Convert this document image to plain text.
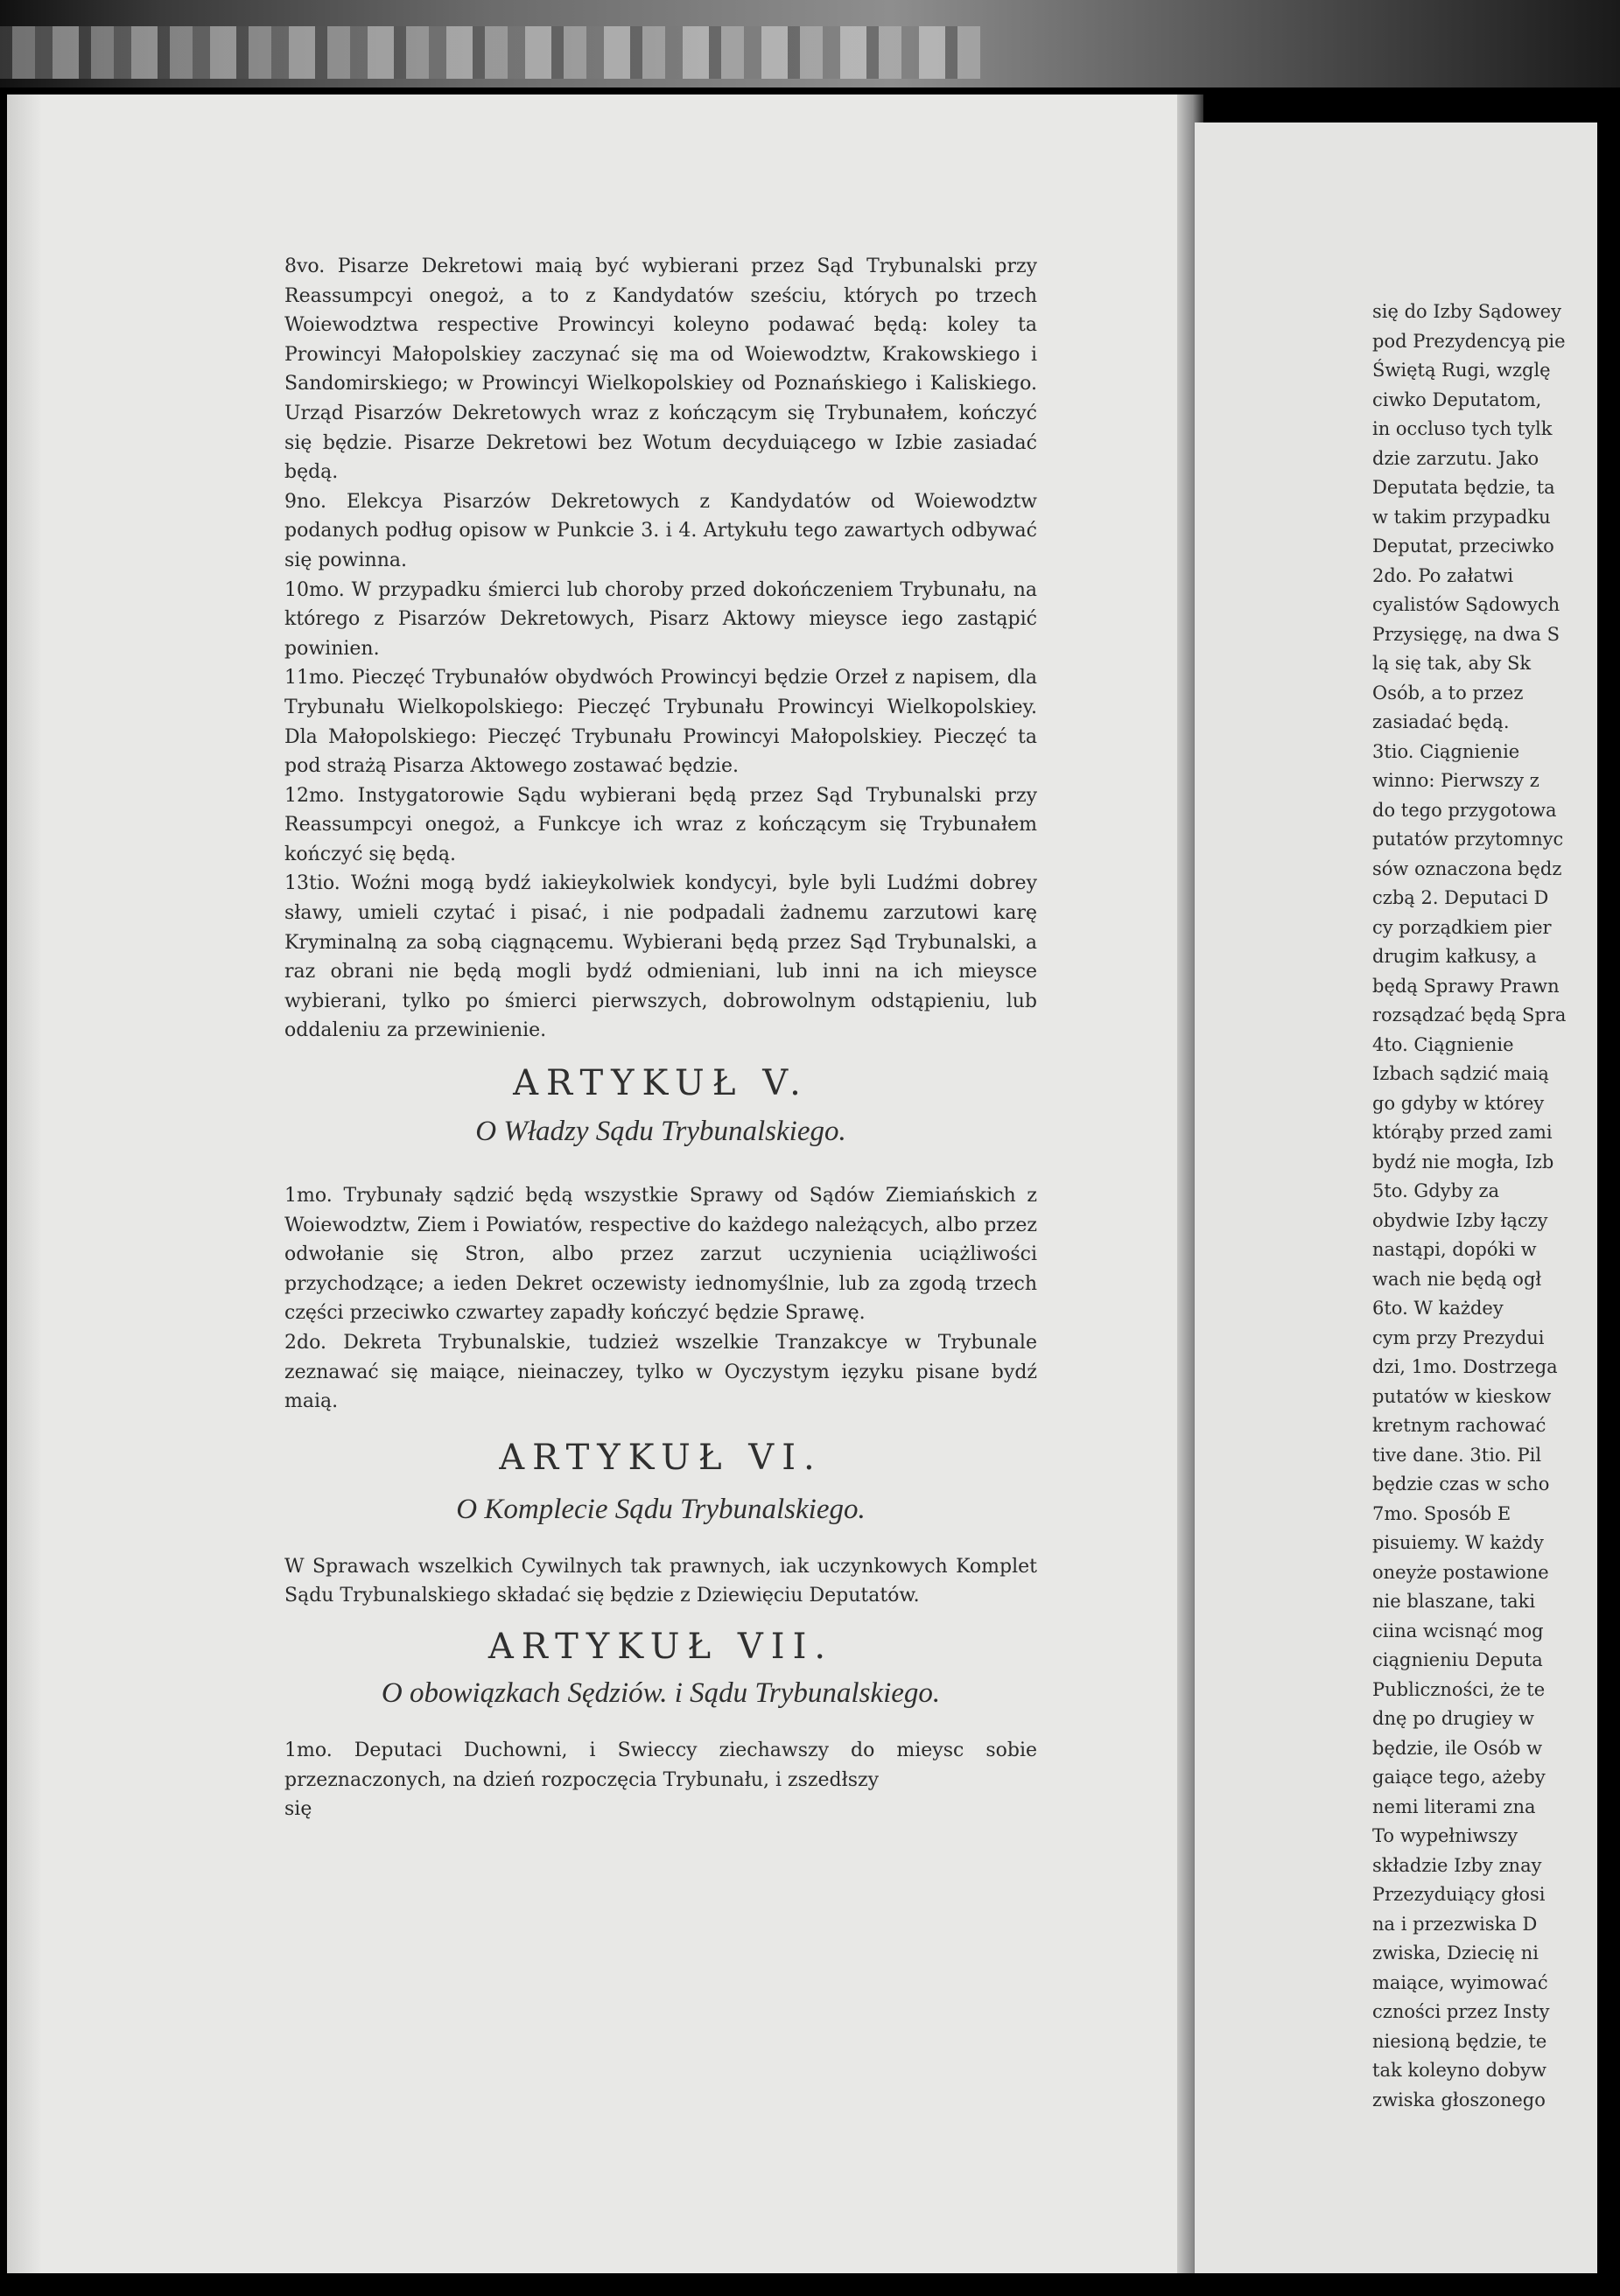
8vo. Pisarze Dekretowi maią być wybierani przez Sąd Trybunalski przy Reassumpcyi onegoż, a to z Kandydatów sześciu, których po trzech Woiewodztwa respective Prowincyi koleyno podawać będą: koley ta Prowincyi Małopolskiey zaczynać się ma od Woiewodztw, Krakowskiego i Sandomirskiego; w Prowincyi Wielkopolskiey od Poznańskiego i Kaliskiego. Urząd Pisarzów Dekretowych wraz z kończącym się Trybunałem, kończyć się będzie. Pisarze Dekretowi bez Wotum decyduiącego w Izbie zasiadać będą.

9no. Elekcya Pisarzów Dekretowych z Kandydatów od Woiewodztw podanych podług opisow w Punkcie 3. i 4. Artykułu tego zawartych odbywać się powinna.

10mo. W przypadku śmierci lub choroby przed dokończeniem Trybunału, na którego z Pisarzów Dekretowych, Pisarz Aktowy mieysce iego zastąpić powinien.

11mo. Pieczęć Trybunałów obydwóch Prowincyi będzie Orzeł z napisem, dla Trybunału Wielkopolskiego: Pieczęć Trybunału Prowincyi Wielkopolskiey. Dla Małopolskiego: Pieczęć Trybunału Prowincyi Małopolskiey. Pieczęć ta pod strażą Pisarza Aktowego zostawać będzie.

12mo. Instygatorowie Sądu wybierani będą przez Sąd Trybunalski przy Reassumpcyi onegoż, a Funkcye ich wraz z kończącym się Trybunałem kończyć się będą.

13tio. Woźni mogą bydź iakieykolwiek kondycyi, byle byli Ludźmi dobrey sławy, umieli czytać i pisać, i nie podpadali żadnemu zarzutowi karę Kryminalną za sobą ciągnącemu. Wybierani będą przez Sąd Trybunalski, a raz obrani nie będą mogli bydź odmieniani, lub inni na ich mieysce wybierani, tylko po śmierci pierwszych, dobrowolnym odstąpieniu, lub oddaleniu za przewinienie.

ARTYKUŁ V.

O Władzy Sądu Trybunalskiego.

1mo. Trybunały sądzić będą wszystkie Sprawy od Sądów Ziemiańskich z Woiewodztw, Ziem i Powiatów, respective do każdego należących, albo przez odwołanie się Stron, albo przez zarzut uczynienia uciążliwości przychodzące; a ieden Dekret oczewisty iednomyślnie, lub za zgodą trzech części przeciwko czwartey zapadły kończyć będzie Sprawę.

2do. Dekreta Trybunalskie, tudzież wszelkie Tranzakcye w Trybunale zeznawać się maiące, nieinaczey, tylko w Oyczystym ięzyku pisane bydź maią.

ARTYKUŁ VI.

O Komplecie Sądu Trybunalskiego.

W Sprawach wszelkich Cywilnych tak prawnych, iak uczynkowych Komplet Sądu Trybunalskiego składać się będzie z Dziewięciu Deputatów.

ARTYKUŁ VII.

O obowiązkach Sędziów. i Sądu Trybunalskiego.

1mo. Deputaci Duchowni, i Swieccy ziechawszy do mieysc sobie przeznaczonych, na dzień rozpoczęcia Trybunału, i zszedłszy

się

się do Izby Sądowey

pod Prezydencyą pie

Świętą Rugi, wzglę

ciwko Deputatom,

in occluso tych tylk

dzie zarzutu. Jako

Deputata będzie, ta

w takim przypadku

Deputat, przeciwko

2do. Po załatwi

cyalistów Sądowych

Przysięgę, na dwa S

lą się tak, aby Sk

Osób, a to przez

zasiadać będą.

3tio. Ciągnienie

winno: Pierwszy z

do tego przygotowa

putatów przytomnyc

sów oznaczona będz

czbą 2. Deputaci D

cy porządkiem pier

drugim kałkusy, a

będą Sprawy Prawn

rozsądzać będą Spra

4to. Ciągnienie

Izbach sądzić maią

go gdyby w którey

którąby przed zami

bydź nie mogła, Izb

5to. Gdyby za

obydwie Izby łączy

nastąpi, dopóki w

wach nie będą ogł

6to. W każdey

cym przy Prezydui

dzi, 1mo. Dostrzega

putatów w kieskow

kretnym rachować

tive dane. 3tio. Pil

będzie czas w scho

7mo. Sposób E

pisuiemy. W każdy

oneyże postawione

nie blaszane, taki

ciina wcisnąć mog

ciągnieniu Deputa

Publiczności, że te

dnę po drugiey w

będzie, ile Osób w

gaiące tego, ażeby

nemi literami zna

To wypełniwszy

składzie Izby znay

Przezyduiący głosi

na i przezwiska D

zwiska, Dziecię ni

maiące, wyimować

czności przez Insty

niesioną będzie, te

tak koleyno dobyw

zwiska głoszonego
